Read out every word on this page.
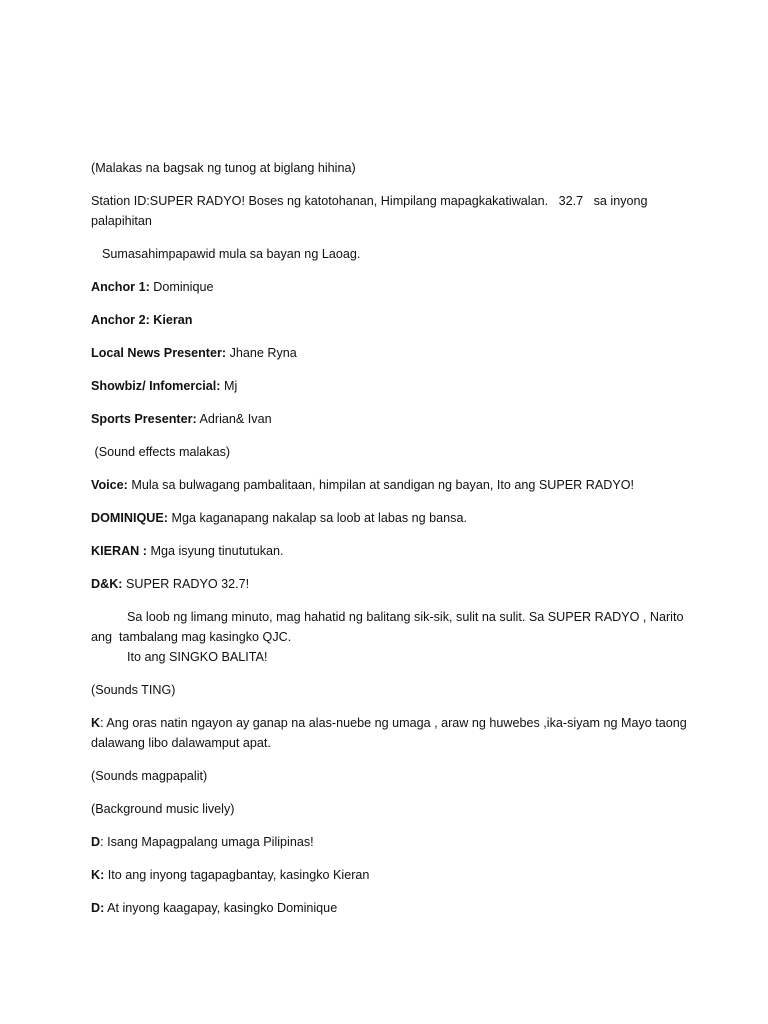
(Malakas na bagsak ng tunog at biglang hihina)

Station ID:SUPER RADYO! Boses ng katotohanan, Himpilang mapagkakatiwalan.   32.7   sa inyong palapihitan

Sumasahimpapawid mula sa bayan ng Laoag.

Anchor 1: Dominique

Anchor 2: Kieran

Local News Presenter: Jhane Ryna

Showbiz/ Infomercial: Mj

Sports Presenter: Adrian& Ivan

(Sound effects malakas)

Voice: Mula sa bulwagang pambalitaan, himpilan at sandigan ng bayan, Ito ang SUPER RADYO!

DOMINIQUE: Mga kaganapang nakalap sa loob at labas ng bansa.

KIERAN : Mga isyung tinututukan.

D&K: SUPER RADYO 32.7!

Sa loob ng limang minuto, mag hahatid ng balitang sik-sik, sulit na sulit. Sa SUPER RADYO , Narito ang  tambalang mag kasingko QJC.
Ito ang SINGKO BALITA!

(Sounds TING)

K: Ang oras natin ngayon ay ganap na alas-nuebe ng umaga , araw ng huwebes ,ika-siyam ng Mayo taong dalawang libo dalawamput apat.

(Sounds magpapalit)

(Background music lively)

D: Isang Mapagpalang umaga Pilipinas!

K: Ito ang inyong tagapagbantay, kasingko Kieran

D: At inyong kaagapay, kasingko Dominique
